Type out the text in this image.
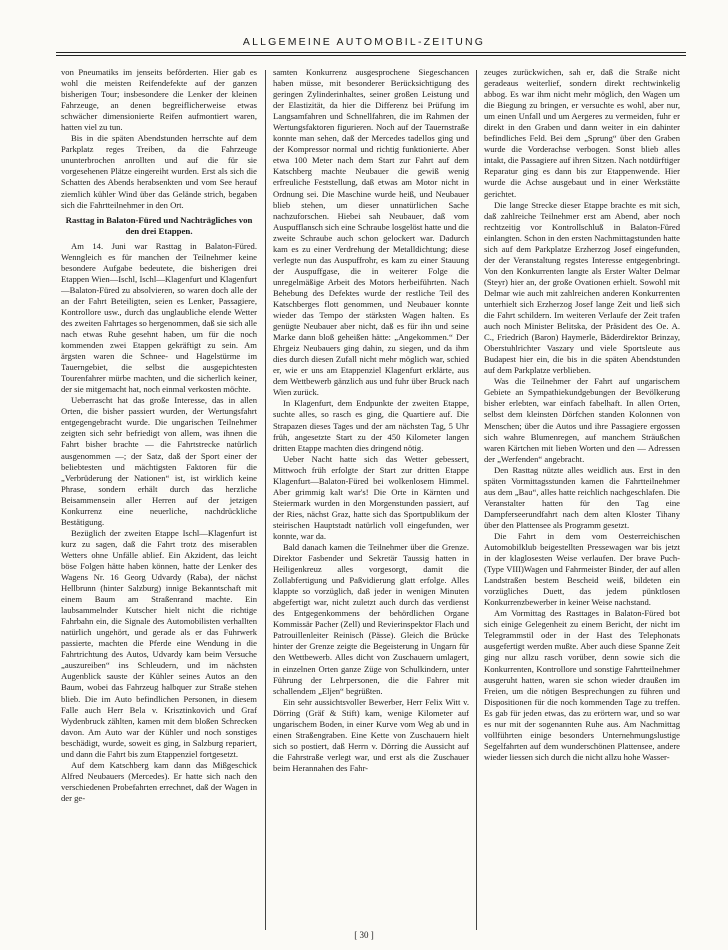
ALLGEMEINE AUTOMOBIL-ZEITUNG

von Pneumatiks im jenseits beförderten. Hier gab es wohl die meisten Reifendefekte auf der ganzen bisherigen Tour; insbesondere die Lenker der kleinen Fahrzeuge, an denen begreiflicherweise etwas schwächer dimensionierte Reifen aufmontiert waren, hatten viel zu tun.

Bis in die späten Abendstunden herrschte auf dem Parkplatz reges Treiben, da die Fahrzeuge ununterbrochen anrollten und auf die für sie vorgesehenen Plätze eingereiht wurden. Erst als sich die Schatten des Abends herabsenkten und vom See herauf ziemlich kühler Wind über das Gelände strich, begaben sich die Fahrtteilnehmer in den Ort.

Rasttag in Balaton-Füred und Nachträgliches von den drei Etappen.

Am 14. Juni war Rasttag in Balaton-Füred. Wenngleich es für manchen der Teilnehmer keine besondere Aufgabe bedeutete, die bisherigen drei Etappen Wien—Ischl, Ischl—Klagenfurt und Klagenfurt—Balaton-Füred zu absolvieren, so waren doch alle der an der Fahrt Beteiligten, seien es Lenker, Passagiere, Kontrollore usw., durch das unglaubliche elende Wetter des zweiten Fahrtages so hergenommen, daß sie sich alle nach etwas Ruhe gesehnt haben, um für die noch kommenden zwei Etappen gekräftigt zu sein. Am ärgsten waren die Schnee- und Hagelstürme im Tauerngebiet, die selbst die ausgepichtesten Tourenfahrer mürbe machten, und die sicherlich keiner, der sie mitgemacht hat, noch einmal verkosten möchte.

Ueberrascht hat das große Interesse, das in allen Orten, die bisher passiert wurden, der Wertungsfahrt entgegengebracht wurde. Die ungarischen Teilnehmer zeigten sich sehr befriedigt von allem, was ihnen die Fahrt bisher brachte — die Fahrtstrecke natürlich ausgenommen —; der Satz, daß der Sport einer der beliebtesten und mächtigsten Faktoren für die „Verbrüderung der Nationen“ ist, ist wirklich keine Phrase, sondern erhält durch das herzliche Beisammensein aller Herren auf der jetzigen Konkurrenz eine neuerliche, nachdrückliche Bestätigung.

Bezüglich der zweiten Etappe Ischl—Klagenfurt ist kurz zu sagen, daß die Fahrt trotz des miserablen Wetters ohne Unfälle ablief. Ein Akzident, das leicht böse Folgen hätte haben können, hatte der Lenker des Wagens Nr. 16 Georg Udvardy (Raba), der nächst Hellbrunn (hinter Salzburg) innige Bekanntschaft mit einem Baum am Straßenrand machte. Ein laubsammelnder Kutscher hielt nicht die richtige Fahrbahn ein, die Signale des Automobilisten verhallten natürlich ungehört, und gerade als er das Fuhrwerk passierte, machten die Pferde eine Wendung in die Fahrtrichtung des Autos, Udvardy kam beim Versuche „auszureiben“ ins Schleudern, und im nächsten Augenblick sauste der Kühler seines Autos an den Baum, wobei das Fahrzeug halbquer zur Straße stehen blieb. Die im Auto befindlichen Personen, in diesem Falle auch Herr Bela v. Krisztinkovich und Graf Wydenbruck zählten, kamen mit dem bloßen Schrecken davon. Am Auto war der Kühler und noch sonstiges beschädigt, wurde, soweit es ging, in Salzburg repariert, und dann die Fahrt bis zum Etappenziel fortgesetzt.

Auf dem Katschberg kam dann das Mißgeschick Alfred Neubauers (Mercedes). Er hatte sich nach den verschiedenen Probefahrten errechnet, daß der Wagen in der ge-

samten Konkurrenz ausgesprochene Siegeschancen haben müsse, mit besonderer Berücksichtigung des geringen Zylinderinhaltes, seiner großen Leistung und der Elastizität, da hier die Differenz bei Prüfung im Langsamfahren und Schnellfahren, die im Rahmen der Wertungsfaktoren figurieren. Noch auf der Tauernstraße konnte man sehen, daß der Mercedes tadellos ging und der Kompressor normal und richtig funktionierte. Aber etwa 100 Meter nach dem Start zur Fahrt auf dem Katschberg machte Neubauer die gewiß wenig erfreuliche Feststellung, daß etwas am Motor nicht in Ordnung sei. Die Maschine wurde heiß, und Neubauer blieb stehen, um dieser unnatürlichen Sache nachzuforschen. Hiebei sah Neubauer, daß vom Auspufflansch sich eine Schraube losgelöst hatte und die zweite Schraube auch schon gelockert war. Dadurch kam es zu einer Verdrehung der Metalldichtung; diese verlegte nun das Auspuffrohr, es kam zu einer Stauung der Auspuffgase, die in weiterer Folge die unregelmäßige Arbeit des Motors herbeiführten. Nach Behebung des Defektes wurde der restliche Teil des Katschberges flott genommen, und Neubauer konnte wieder das Tempo der stärksten Wagen halten. Es genügte Neubauer aber nicht, daß es für ihn und seine Marke dann bloß geheißen hätte: „Angekommen.“ Der Ehrgeiz Neubauers ging dahin, zu siegen, und da ihm dies durch diesen Zufall nicht mehr möglich war, schied er, wie er uns am Etappenziel Klagenfurt erklärte, aus dem Wettbewerb gänzlich aus und fuhr über Bruck nach Wien zurück.

In Klagenfurt, dem Endpunkte der zweiten Etappe, suchte alles, so rasch es ging, die Quartiere auf. Die Strapazen dieses Tages und der am nächsten Tag, 5 Uhr früh, angesetzte Start zu der 450 Kilometer langen dritten Etappe machten dies dringend nötig.

Ueber Nacht hatte sich das Wetter gebessert, Mittwoch früh erfolgte der Start zur dritten Etappe Klagenfurt—Balaton-Füred bei wolkenlosem Himmel. Aber grimmig kalt war's! Die Orte in Kärnten und Steiermark wurden in den Morgenstunden passiert, auf der Ries, nächst Graz, hatte sich das Sportpublikum der steirischen Hauptstadt natürlich voll eingefunden, wer konnte, war da.

Bald danach kamen die Teilnehmer über die Grenze. Direktor Fasbender und Sekretär Taussig hatten in Heiligenkreuz alles vorgesorgt, damit die Zollabfertigung und Paßvidierung glatt erfolge. Alles klappte so vorzüglich, daß jeder in wenigen Minuten abgefertigt war, nicht zuletzt auch durch das verdienst des Entgegenkommens der behördlichen Organe Kommissär Pacher (Zell) und Revierinspektor Flach und Patrouillenleiter Reinisch (Pässe). Gleich die Brücke hinter der Grenze zeigte die Begeisterung in Ungarn für den Wettbewerb. Alles dicht von Zuschauern umlagert, in einzelnen Orten ganze Züge von Schulkindern, unter Führung der Lehrpersonen, die die Fahrer mit schallendem „Eljen“ begrüßten.

Ein sehr aussichtsvoller Bewerber, Herr Felix Witt v. Dörring (Gräf & Stift) kam, wenige Kilometer auf ungarischem Boden, in einer Kurve vom Weg ab und in einen Straßengraben. Eine Kette von Zuschauern hielt sich so postiert, daß Herrn v. Dörring die Aussicht auf die Fahrstraße verlegt war, und erst als die Zuschauer beim Herannahen des Fahr-

zeuges zurückwichen, sah er, daß die Straße nicht geradeaus weiterlief, sondern direkt rechtwinkelig abbog. Es war ihm nicht mehr möglich, den Wagen um die Biegung zu bringen, er versuchte es wohl, aber nur, um einen Unfall und um Aergeres zu vermeiden, fuhr er direkt in den Graben und dann weiter in ein dahinter befindliches Feld. Bei dem „Sprung“ über den Graben wurde die Vorderachse verbogen. Sonst blieb alles intakt, die Passagiere auf ihren Sitzen. Nach notdürftiger Reparatur ging es dann bis zur Etappenwende. Hier wurde die Achse ausgebaut und in einer Werkstätte gerichtet.

Die lange Strecke dieser Etappe brachte es mit sich, daß zahlreiche Teilnehmer erst am Abend, aber noch rechtzeitig vor Kontrollschluß in Balaton-Füred einlangten. Schon in den ersten Nachmittagstunden hatte sich auf dem Parkplatze Erzherzog Josef eingefunden, der der Veranstaltung regstes Interesse entgegenbringt. Von den Konkurrenten langte als Erster Walter Delmar (Steyr) hier an, der große Ovationen erhielt. Sowohl mit Delmar wie auch mit zahlreichen anderen Konkurrenten unterhielt sich Erzherzog Josef lange Zeit und ließ sich die Fahrt schildern. Im weiteren Verlaufe der Zeit trafen auch noch Minister Belitska, der Präsident des Oe. A. C., Friedrich (Baron) Haymerle, Bäderdirektor Brinzay, Oberstuhlrichter Vaszary und viele Sportsleute aus Budapest hier ein, die bis in die späten Abendstunden auf dem Parkplatze verblieben.

Was die Teilnehmer der Fahrt auf ungarischem Gebiete an Sympathiekundgebungen der Bevölkerung bisher erlebten, war einfach fabelhaft. In allen Orten, selbst dem kleinsten Dörfchen standen Kolonnen von Menschen; über die Autos und ihre Passagiere ergossen sich wahre Blumenregen, auf manchem Sträußchen waren Kärtchen mit lieben Worten und den — Adressen der „Werfenden“ angebracht.

Den Rasttag nützte alles weidlich aus. Erst in den späten Vormittagsstunden kamen die Fahrtteilnehmer aus dem „Bau“, alles hatte reichlich nachgeschlafen. Die Veranstalter hatten für den Tag eine Dampferseerundfahrt nach dem alten Kloster Tihany über den Plattensee als Programm gesetzt.

Die Fahrt in dem vom Oesterreichischen Automobilklub beigestellten Pressewagen war bis jetzt in der klaglosesten Weise verlaufen. Der brave Puch-(Type VIII)Wagen und Fahrmeister Binder, der auf allen Landstraßen bestem Bescheid weiß, bildeten ein vorzügliches Duett, das jedem pünktlosen Konkurrenzbewerber in keiner Weise nachstand.

Am Vormittag des Rasttages in Balaton-Füred bot sich einige Gelegenheit zu einem Bericht, der nicht im Telegrammstil oder in der Hast des Telephonats ausgefertigt werden mußte. Aber auch diese Spanne Zeit ging nur allzu rasch vorüber, denn sowie sich die Konkurrenten, Kontrollore und sonstige Fahrtteilnehmer ausgeruht hatten, waren sie schon wieder draußen im Freien, um die nötigen Besprechungen zu führen und Dispositionen für die noch kommenden Tage zu treffen. Es gab für jeden etwas, das zu erörtern war, und so war es nur mit der sogenannten Ruhe aus. Am Nachmittag vollführten einige besonders Unternehmungslustige Segelfahrten auf dem wunderschönen Plattensee, andere wieder liessen sich durch die nicht allzu hohe Wasser-

[ 30 ]
